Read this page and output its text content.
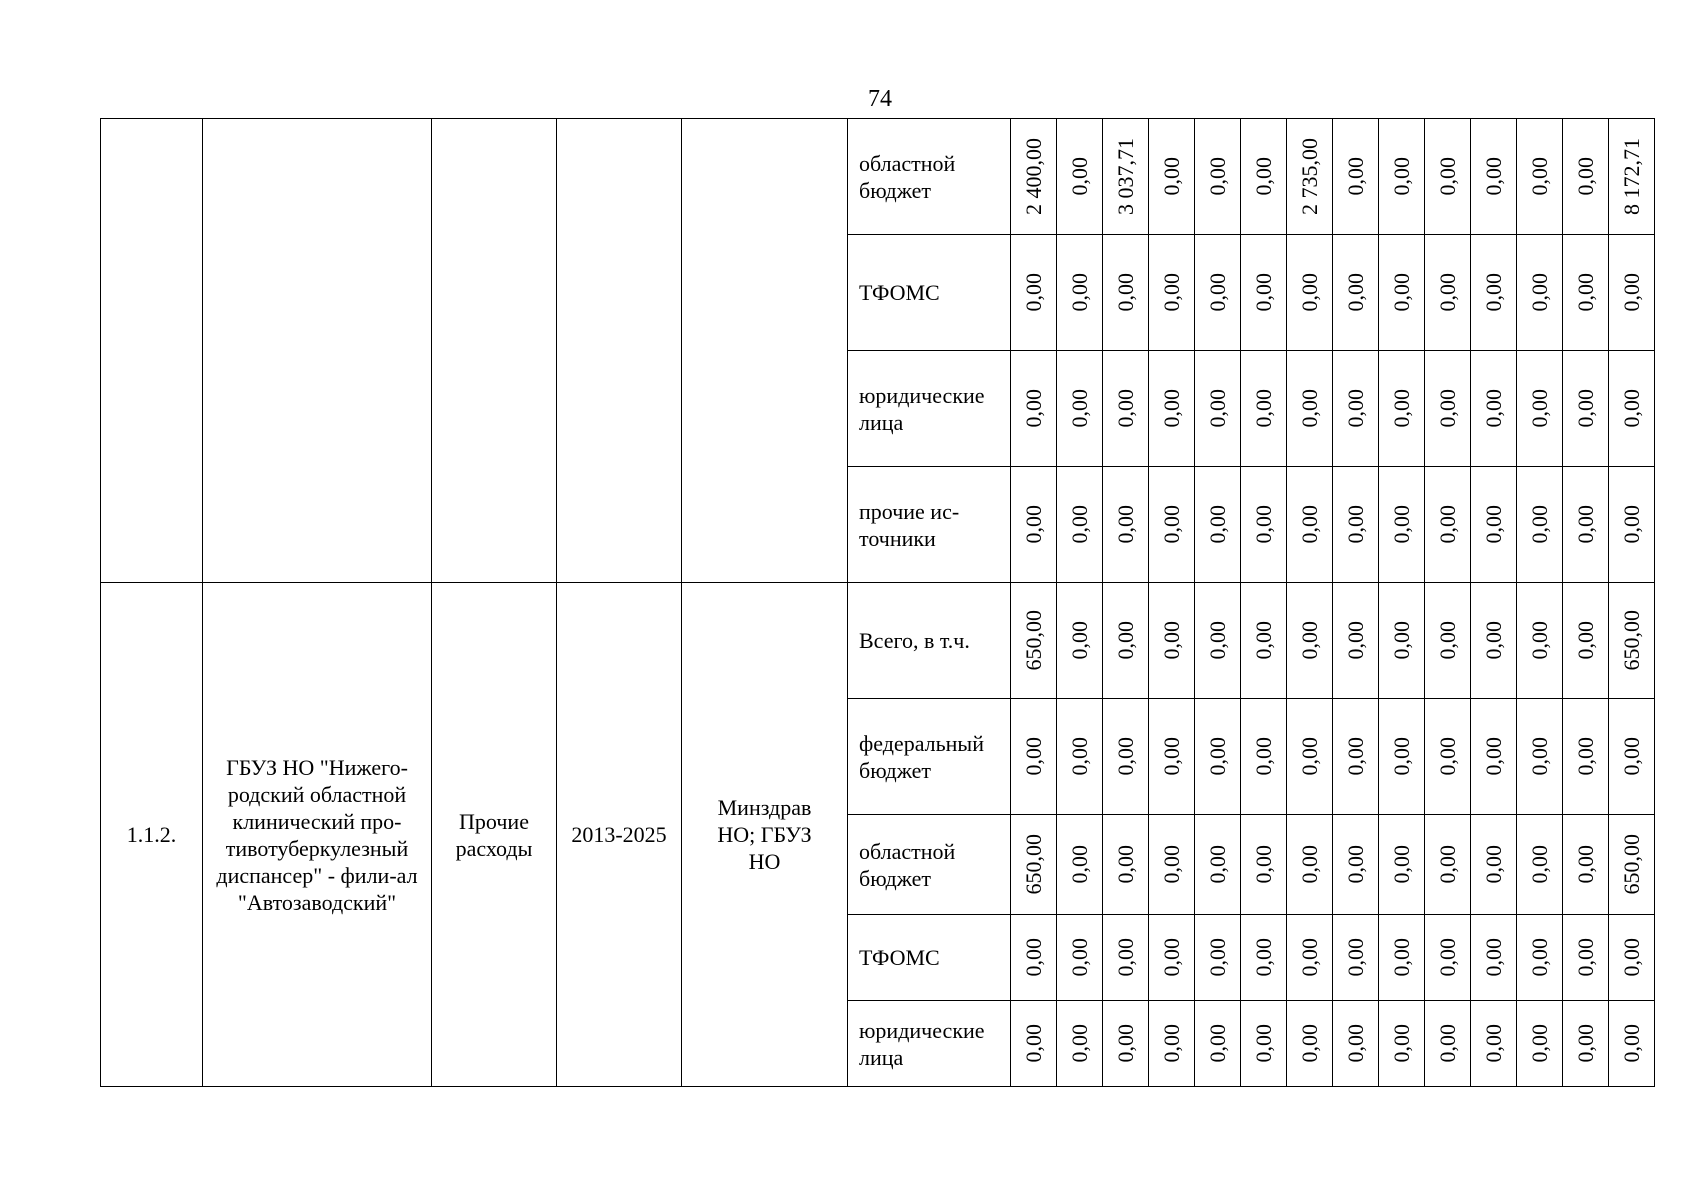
74
					областной бюджет	2 400,00	0,00	3 037,71	0,00	0,00	0,00	2 735,00	0,00	0,00	0,00	0,00	0,00	0,00	8 172,71

					ТФОМС	0,00	0,00	0,00	0,00	0,00	0,00	0,00	0,00	0,00	0,00	0,00	0,00	0,00	0,00

					юридические лица	0,00	0,00	0,00	0,00	0,00	0,00	0,00	0,00	0,00	0,00	0,00	0,00	0,00	0,00

					прочие ис-точники	0,00	0,00	0,00	0,00	0,00	0,00	0,00	0,00	0,00	0,00	0,00	0,00	0,00	0,00

1.1.2.	ГБУЗ НО "Нижего-родский областной клинический про-тивотуберкулезный диспансер" - фили-ал "Автозаводский"	Прочие расходы	2013-2025	Минздрав НО; ГБУЗ НО	Всего, в т.ч.	650,00	0,00	0,00	0,00	0,00	0,00	0,00	0,00	0,00	0,00	0,00	0,00	0,00	650,00

					федеральный бюджет	0,00	0,00	0,00	0,00	0,00	0,00	0,00	0,00	0,00	0,00	0,00	0,00	0,00	0,00

					областной бюджет	650,00	0,00	0,00	0,00	0,00	0,00	0,00	0,00	0,00	0,00	0,00	0,00	0,00	650,00

					ТФОМС	0,00	0,00	0,00	0,00	0,00	0,00	0,00	0,00	0,00	0,00	0,00	0,00	0,00	0,00

					юридические лица	0,00	0,00	0,00	0,00	0,00	0,00	0,00	0,00	0,00	0,00	0,00	0,00	0,00	0,00
